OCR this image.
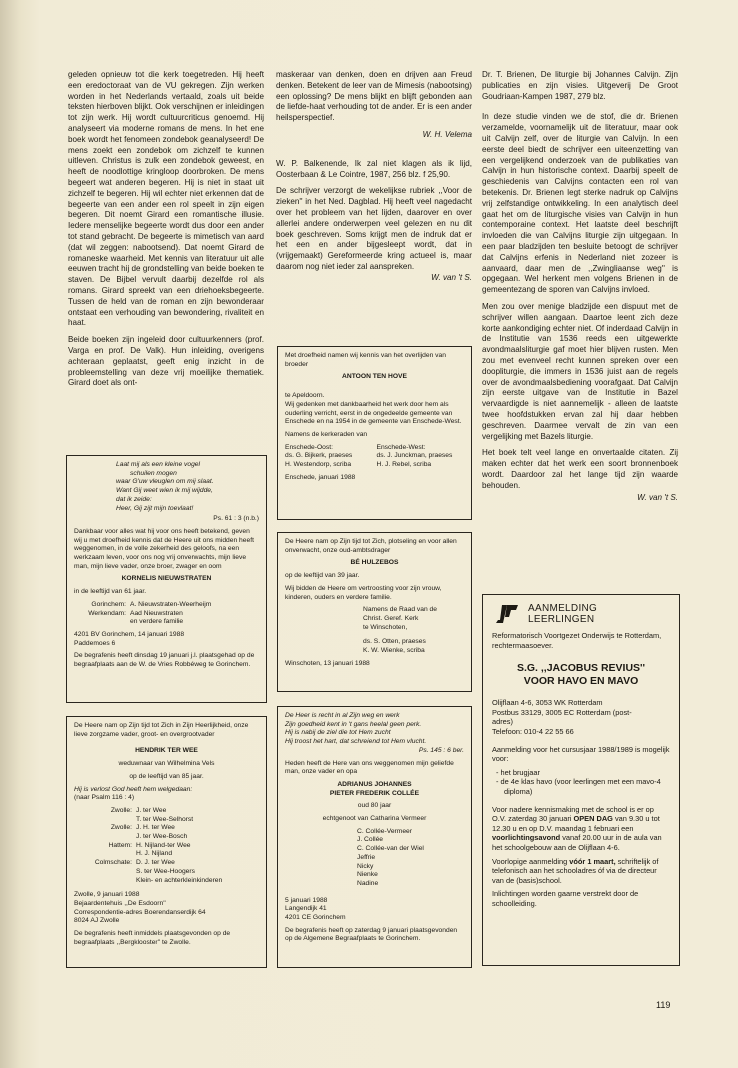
geleden opnieuw tot die kerk toegetreden. Hij heeft een eredoctoraat van de VU gekregen. Zijn werken worden in het Nederlands vertaald, zoals uit beide teksten hierboven blijkt. Ook verschijnen er inleidingen tot zijn werk. Hij wordt cultuurcriticus genoemd. Hij analyseert via moderne romans de mens. In het ene boek wordt het fenomeen zondebok geanalyseerd! De mens zoekt een zondebok om zichzelf te kunnen uitleven. Christus is zulk een zondebok geweest, en heeft de noodlottige kringloop doorbroken. De mens begeert wat anderen begeren. Hij is niet in staat uit zichzelf te begeren. Hij wil echter niet erkennen dat de begeerte van een ander een rol speelt in zijn eigen begeren. Dit noemt Girard een romantische illusie. Iedere menselijke begeerte wordt dus door een ander tot stand gebracht. De begeerte is mimetisch van aard (dat wil zeggen: nabootsend). Dat noemt Girard de romaneske waarheid. Met kennis van literatuur uit alle eeuwen tracht hij de grondstelling van beide boeken te staven. De Bijbel vervult daarbij dezelfde rol als romans. Girard spreekt van een driehoeksbegeerte. Tussen de held van de roman en zijn bewonderaar ontstaat een verhouding van bewondering, rivaliteit en haat.

Beide boeken zijn ingeleid door cultuurkenners (prof. Varga en prof. De Valk). Hun inleiding, overigens achteraan geplaatst, geeft enig inzicht in de probleemstelling van deze vrij moeilijke thematiek. Girard doet als ont-

maskeraar van denken, doen en drijven aan Freud denken. Betekent de leer van de Mimesis (nabootsing) een oplossing? De mens blijkt en blijft gebonden aan de liefde-haat verhouding tot de ander. Er is een ander heilsperspectief.

W. H. Velema

W. P. Balkenende, Ik zal niet klagen als ik lijd, Oosterbaan & Le Cointre, 1987, 256 blz. f 25,90.

De schrijver verzorgt de wekelijkse rubriek ,,Voor de zieken'' in het Ned. Dagblad. Hij heeft veel nagedacht over het probleem van het lijden, daarover en over allerlei andere onderwerpen veel gelezen en nu dit boek geschreven. Soms krijgt men de indruk dat er het een en ander bijgesleept wordt, dat in (vrijgemaakt) Gereformeerde kring actueel is, maar daarom nog niet ieder zal aanspreken.

W. van 't S.

Dr. T. Brienen, De liturgie bij Johannes Calvijn. Zijn publicaties en zijn visies. Uitgeverij De Groot Goudriaan-Kampen 1987, 279 blz.

In deze studie vinden we de stof, die dr. Brienen verzamelde, voornamelijk uit de literatuur, maar ook uit Calvijn zelf, over de liturgie van Calvijn. In een eerste deel biedt de schrijver een uiteenzetting van een vergelijkend onderzoek van de publikaties van Calvijn in hun historische context. Daarbij speelt de geschiedenis van Calvijns contacten een rol van betekenis. Dr. Brienen legt sterke nadruk op Calvijns vrij zelfstandige ontwikkeling. In een analytisch deel gaat het om de liturgische visies van Calvijn in hun contemporaine context. Het laatste deel beschrijft invloeden die van Calvijns liturgie zijn uitgegaan. In een paar bladzijden ten besluite betoogt de schrijver dat Calvijns erfenis in Nederland niet zozeer is aanvaard, daar men de ,,Zwingliaanse weg'' is opgegaan. Wel herkent men volgens Brienen in de gemeentezang de sporen van Calvijns invloed.

Men zou over menige bladzijde een dispuut met de schrijver willen aangaan. Daartoe leent zich deze korte aankondiging echter niet. Of inderdaad Calvijn in de Institutie van 1536 reeds een uitgewerkte avondmaalsliturgie gaf moet hier blijven rusten. Men zou met evenveel recht kunnen spreken over een doopliturgie, die immers in 1536 juist aan de regels over de avondmaalsbediening voorafgaat. Dat Calvijn zijn eerste uitgave van de Institutie in Bazel vervaardigde is niet aannemelijk - alleen de laatste twee hoofdstukken ervan zal hij daar hebben geschreven. Daarmee vervalt de zin van een vergelijking met Bazels liturgie.

Het boek telt veel lange en onvertaalde citaten. Zij maken echter dat het werk een soort bronnenboek wordt. Daardoor zal het lange tijd zijn waarde behouden.

W. van 't S.
Laat mij als een kleine vogel
schuilen mogen
waar G'uw vleuglen om mij slaat.
Want Gij weet wien ik mij wijdde,
dat ik zeide:
Heer, Gij zijt mijn toevlaat!

Ps. 61 : 3 (n.b.)

Dankbaar voor alles wat hij voor ons heeft betekend, geven wij u met droefheid kennis dat de Heere uit ons midden heeft weggenomen, in de volle zekerheid des geloofs, na een werkzaam leven, voor ons nog vrij onverwachts, mijn lieve man, mijn lieve vader, onze broer, zwager en oom

KORNELIS NIEUWSTRATEN

in de leeftijd van 61 jaar.

Gorinchem: A. Nieuwstraten-Weerheijm
Werkendam: Aad Nieuwstraten
en verdere familie
4201 BV Gorinchem, 14 januari 1988

Paddemoes 6

De begrafenis heeft dinsdag 19 januari j.l. plaatsgehad op de begraafplaats aan de W. de Vries Robbéweg te Gorinchem.

Met droefheid namen wij kennis van het overlijden van broeder

ANTOON TEN HOVE

te Apeldoorn.

Wij gedenken met dankbaarheid het werk door hem als ouderling verricht, eerst in de ongedeelde gemeente van Enschede en na 1954 in de gemeente van Enschede-West.

Namens de kerkeraden van

Enschede-Oost:
ds. G. Bijkerk, praeses
H. Westendorp, scriba
Enschede-West:
ds. J. Junckman, praeses
H. J. Rebel, scriba

Enschede, januari 1988

De Heere nam op Zijn tijd tot Zich, plotseling en voor allen onverwacht, onze oud-ambtsdrager

BÉ HULZEBOS

op de leeftijd van 39 jaar.

Wij bidden de Heere om vertroosting voor zijn vrouw, kinderen, ouders en verdere familie.

Namens de Raad van de
Christ. Geref. Kerk
te Winschoten,
ds. S. Otten, praeses
K. W. Wienke, scriba

Winschoten, 13 januari 1988

De Heere nam op Zijn tijd tot Zich in Zijn Heerlijkheid, onze lieve zorgzame vader, groot- en overgrootvader

HENDRIK TER WEE

weduwnaar van Wilhelmina Vels

op de leeftijd van 85 jaar.

Hij is verlost God heeft hem welgedaan:

(naar Psalm 116 : 4)

Zwolle: J. ter Wee
T. ter Wee-Selhorst
Zwolle: J. H. ter Wee
J. ter Wee-Bosch
Hattem: H. Nijland-ter Wee
H. J. Nijland
Colmschate: D. J. ter Wee
S. ter Wee-Hoogers
Klein- en achterkleinkinderen
Zwolle, 9 januari 1988
Bejaardentehuis ,,De Esdoorn''
Correspondentie-adres Boerendanserdijk 64
8024 AJ Zwolle

De begrafenis heeft inmiddels plaatsgevonden op de begraafplaats ,,Bergklooster'' te Zwolle.

De Heer is recht in al Zijn weg en werk
Zijn goedheid kent in 't gans heelal geen perk.
Hij is nabij de ziel die tot Hem zucht
Hij troost het hart, dat schreiend tot Hem vlucht.

Ps. 145 : 6 ber.

Heden heeft de Here van ons weggenomen mijn geliefde man, onze vader en opa

ADRIANUS JOHANNES

PIETER FREDERIK COLLÉE

oud 80 jaar

echtgenoot van Catharina Vermeer

C. Collée-Vermeer
J. Collée
C. Collée-van der Wiel
Jeffrie
Nicky
Nienke
Nadine
5 januari 1988
Langendijk 41
4201 CE Gorinchem

De begrafenis heeft op zaterdag 9 januari plaatsgevonden op de Algemene Begraafplaats te Gorinchem.

AANMELDING
LEERLINGEN

Reformatorisch Voortgezet Onderwijs te Rotterdam, rechtermaasoever.

S.G. ,,JACOBUS REVIUS''
VOOR HAVO EN MAVO
Olijflaan 4-6, 3053 WK Rotterdam
Postbus 33129, 3005 EC Rotterdam (post-
adres)
Telefoon: 010-4 22 55 66

Aanmelding voor het cursusjaar 1988/1989 is mogelijk voor:

- het brugjaar
- de 4e klas havo (voor leerlingen met een mavo-4 diploma)

Voor nadere kennismaking met de school is er op O.V. zaterdag 30 januari OPEN DAG van 9.30 u tot 12.30 u en op D.V. maandag 1 februari een voorlichtingsavond vanaf 20.00 uur in de aula van het schoolgebouw aan de Olijflaan 4-6.

Voorlopige aanmelding vóór 1 maart, schriftelijk of telefonisch aan het schooladres óf via de directeur van de (basis)school.

Inlichtingen worden gaarne verstrekt door de schoolleiding.

119
